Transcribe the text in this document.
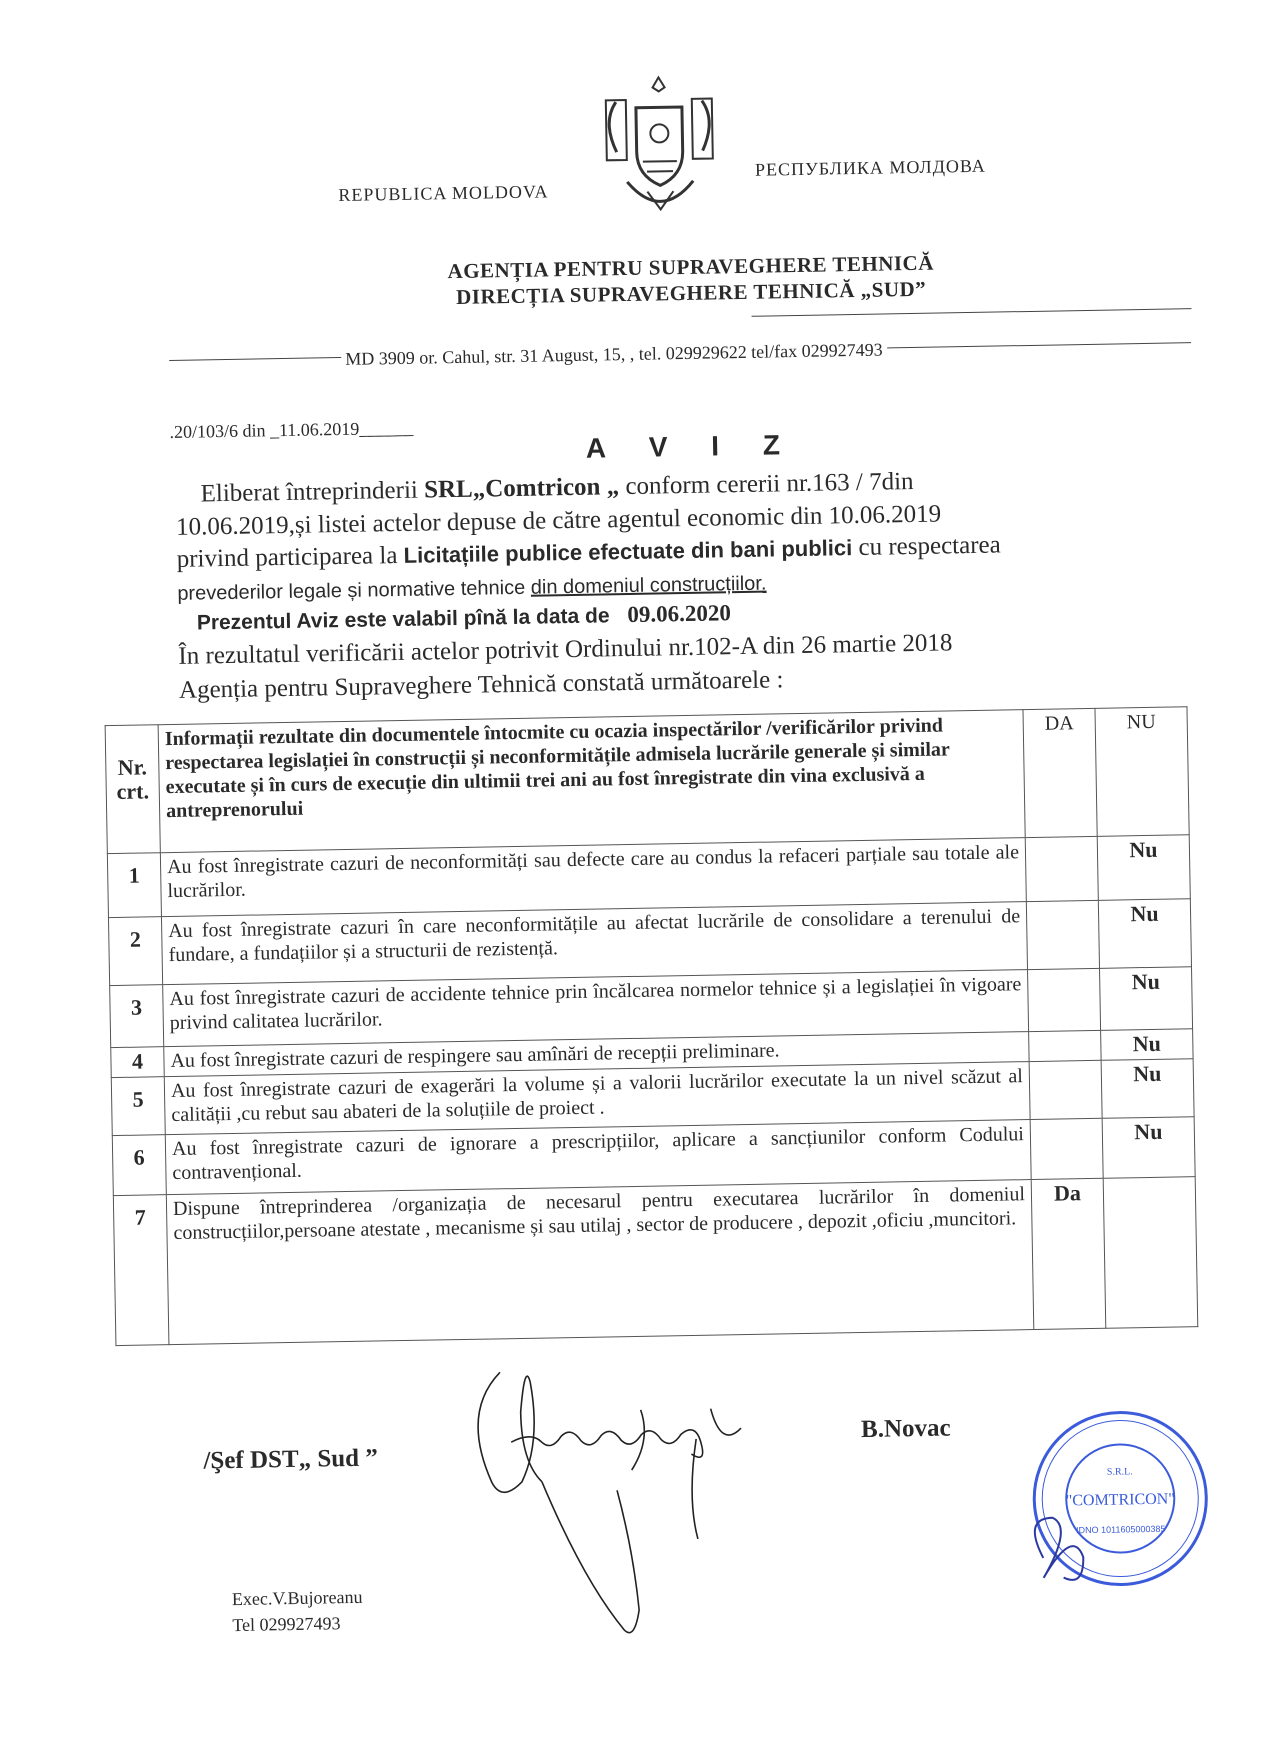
REPUBLICA MOLDOVA
РЕСПУБЛИКА МОЛДОВА
AGENȚIA PENTRU SUPRAVEGHERE TEHNICĂ
DIRECȚIA SUPRAVEGHERE TEHNICĂ „SUD”
MD 3909 or. Cahul, str. 31 August, 15, , tel. 029929622 tel/fax 029927493
.20/103/6 din _11.06.2019______	A V I Z
Eliberat întreprinderii SRL„Comtricon „ conform cererii nr.163 / 7din
10.06.2019,și listei actelor depuse de către agentul economic din 10.06.2019
privind participarea la Licitațiile publice efectuate din bani publici cu respectarea
prevederilor legale și normative tehnice din domeniul construcțiilor.
Prezentul Aviz este valabil pînă la data de 09.06.2020
În rezultatul verificării actelor potrivit Ordinului nr.102-A din 26 martie 2018
Agenția pentru Supraveghere Tehnică constată următoarele :
Nr. crt.	Informații rezultate din documentele întocmite cu ocazia inspectărilor /verificărilor privind respectarea legislației în construcții și neconformitățile admisela lucrările generale și similar executate și în curs de execuție din ultimii trei ani au fost înregistrate din vina exclusivă a antreprenorului	DA	NU
1	Au fost înregistrate cazuri de neconformități sau defecte care au condus la refaceri parțiale sau totale ale lucrărilor.		Nu
2	Au fost înregistrate cazuri în care neconformitățile au afectat lucrările de consolidare a terenului de fundare, a fundațiilor și a structurii de rezistență.		Nu
3	Au fost înregistrate cazuri de accidente tehnice prin încălcarea normelor tehnice și a legislației în vigoare privind calitatea lucrărilor.		Nu
4	Au fost înregistrate cazuri de respingere sau amînări de recepții preliminare.		Nu
5	Au fost înregistrate cazuri de exagerări la volume și a valorii lucrărilor executate la un nivel scăzut al calității ,cu rebut sau abateri de la soluțiile de proiect .		Nu
6	Au fost înregistrate cazuri de ignorare a prescripțiilor, aplicare a sancțiunilor conform Codului contravențional.		Nu
7	Dispune întreprinderea /organizația de necesarul pentru executarea lucrărilor în domeniul construcțiilor,persoane atestate , mecanisme și sau utilaj , sector de producere , depozit ,oficiu ,muncitori.	Da	
/Şef DST„ Sud ”
B.Novac
S.R.L.
"COMTRICON"
IDNO 1011605000385
Exec.V.Bujoreanu
Tel 029927493
